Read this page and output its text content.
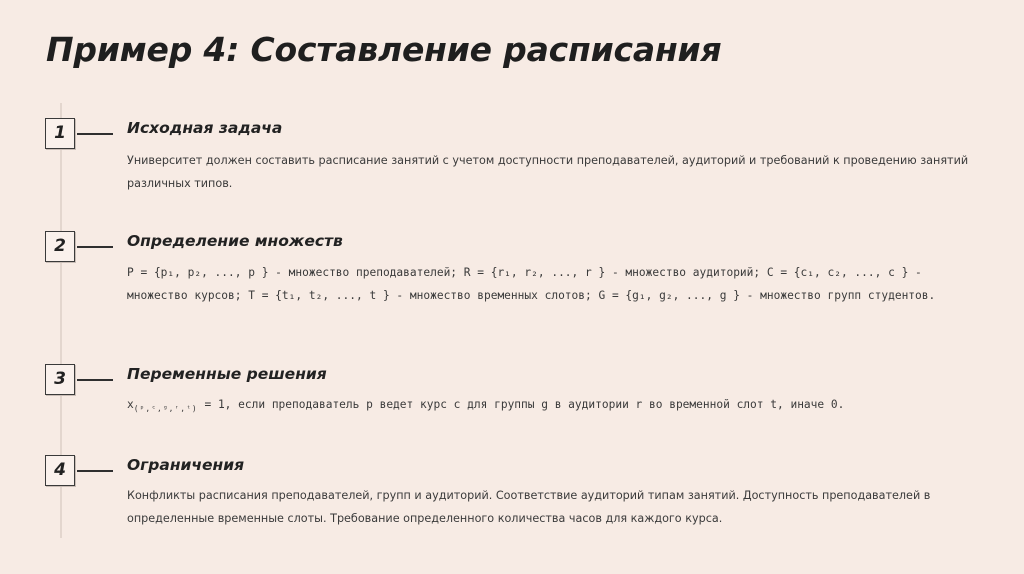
Пример 4: Составление расписания
1	Исходная задача

Университет должен составить расписание занятий с учетом доступности преподавателей, аудиторий и требований к проведению занятий различных типов.

2	Определение множеств

P = {p₁, p₂, ..., p } - множество преподавателей; R = {r₁, r₂, ..., r } - множество аудиторий; C = {c₁, c₂, ..., c } - множество курсов; T = {t₁, t₂, ..., t } - множество временных слотов; G = {g₁, g₂, ..., g } - множество групп студентов.

3	Переменные решения

$x_{(ᵖ,ᶜ,ᵍ,ʳ,ᵗ)} = 1$, если преподаватель p ведет курс c для группы g в аудитории r во временной слот t, иначе 0.

4	Ограничения

Конфликты расписания преподавателей, групп и аудиторий. Соответствие аудиторий типам занятий. Доступность преподавателей в определенные временные слоты. Требование определенного количества часов для каждого курса.
